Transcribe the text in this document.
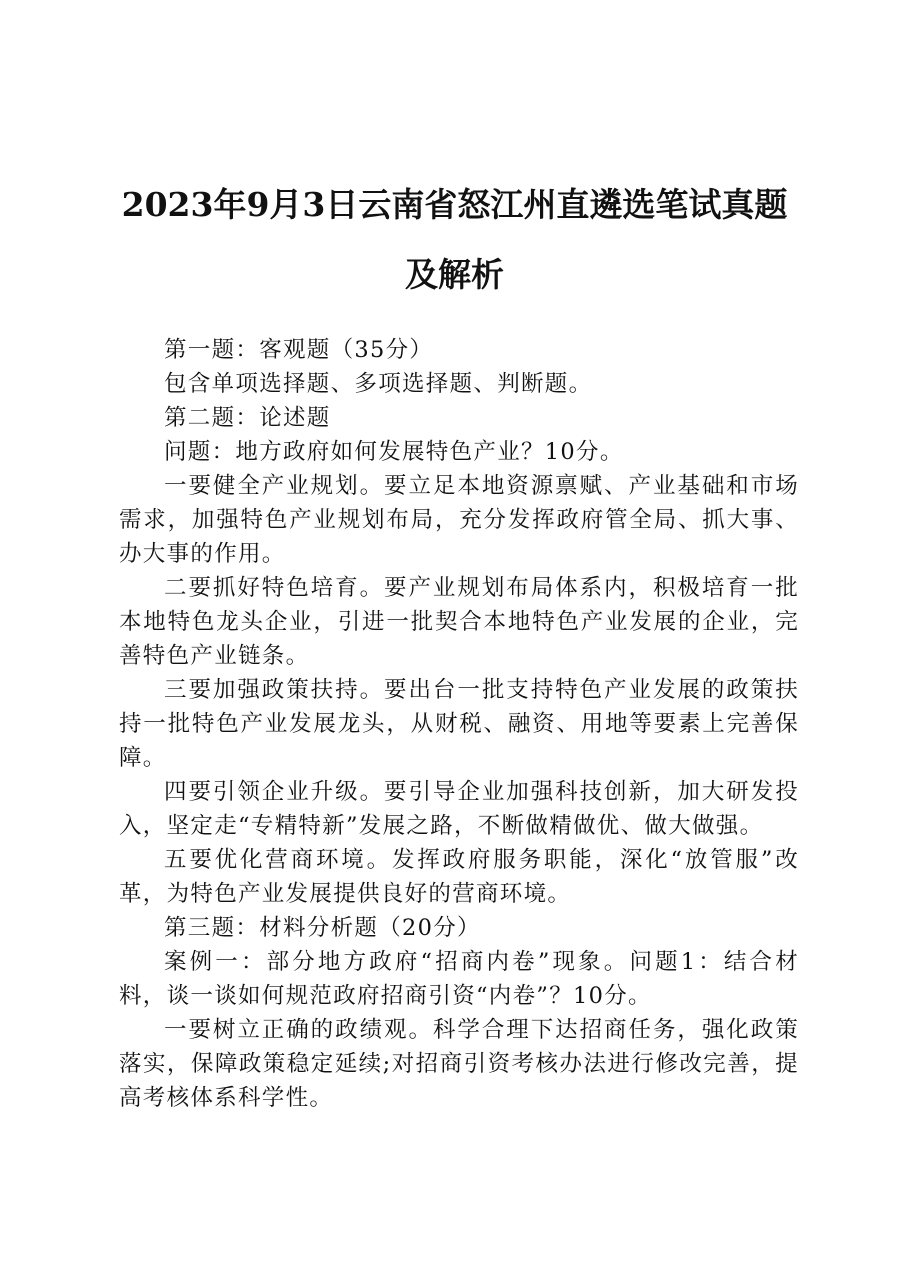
2023年9月3日云南省怒江州直遴选笔试真题
及解析

第一题：客观题（35分）

包含单项选择题、多项选择题、判断题。

第二题：论述题

问题：地方政府如何发展特色产业？10分。

一要健全产业规划。要立足本地资源禀赋、产业基础和市场需求，加强特色产业规划布局，充分发挥政府管全局、抓大事、办大事的作用。

二要抓好特色培育。要产业规划布局体系内，积极培育一批本地特色龙头企业，引进一批契合本地特色产业发展的企业，完善特色产业链条。

三要加强政策扶持。要出台一批支持特色产业发展的政策扶持一批特色产业发展龙头，从财税、融资、用地等要素上完善保障。

四要引领企业升级。要引导企业加强科技创新，加大研发投入，坚定走“专精特新”发展之路，不断做精做优、做大做强。

五要优化营商环境。发挥政府服务职能，深化“放管服”改革，为特色产业发展提供良好的营商环境。

第三题：材料分析题（20分）

案例一：部分地方政府“招商内卷”现象。问题1：结合材料，谈一谈如何规范政府招商引资“内卷”？10分。

一要树立正确的政绩观。科学合理下达招商任务，强化政策落实，保障政策稳定延续;对招商引资考核办法进行修改完善，提高考核体系科学性。
